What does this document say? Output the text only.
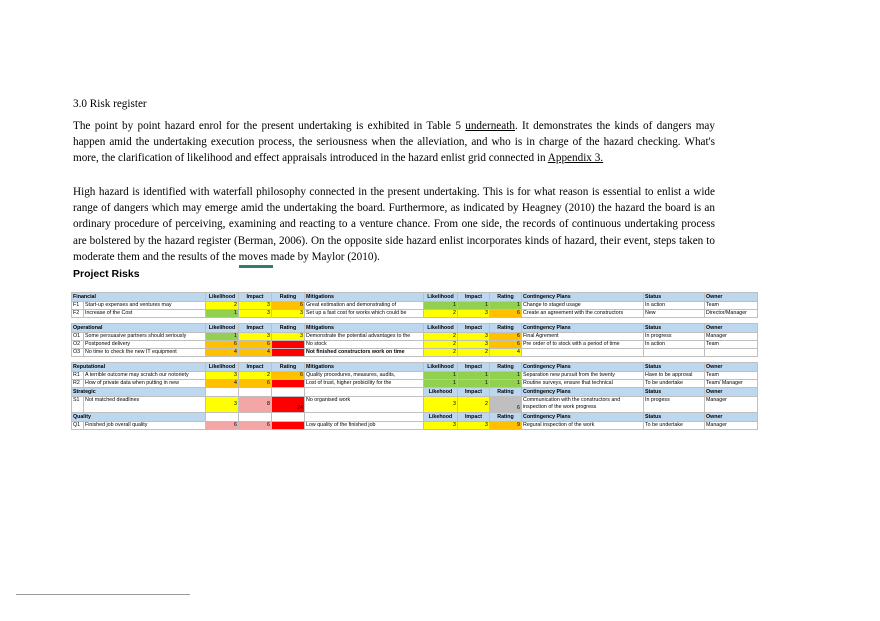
3.0 Risk register
The point by point hazard enrol for the present undertaking is exhibited in Table 5 underneath. It demonstrates the kinds of dangers may happen amid the undertaking execution process, the seriousness when the alleviation, and who is in charge of the hazard checking. What's more, the clarification of likelihood and effect appraisals introduced in the hazard enlist grid connected in Appendix 3.
High hazard is identified with waterfall philosophy connected in the present undertaking. This is for what reason is essential to enlist a wide range of dangers which may emerge amid the undertaking the board. Furthermore, as indicated by Heagney (2010) the hazard the board is an ordinary procedure of perceiving, examining and reacting to a venture chance. From one side, the records of continuous undertaking process are bolstered by the hazard register (Berman, 2006). On the opposite side hazard enlist incorporates kinds of hazard, their event, steps taken to moderate them and the results of the moves made by Maylor (2010).
Project Risks
Financial		Likelihood	Impact	Rating	Mitigations	Likelihood	Impact	Rating	Contingency Plans	Status	Owner
F1	Start-up expenses and ventures may	2	3	6	Great estimation and demonstrating of	1	1	1	Change to staged usage	In action	Team
F2	Increase of the Cost	1	3	3	Set up a fast cost for works which could be	2	3	6	Create an agreement with the constructors	New	Director/Manager

Operational		Likelihood	Impact	Rating	Mitigations	Likelihood	Impact	Rating	Contingency Plans	Status	Owner
O1	Some persuasive partners should seriously	1	3	3	Demonstrate the potential advantages to the	2	3	6	Final Agrement	In progress	Manager
O2	Postponed delivery	6	6		No stock	2	3	6	Pre order of to stock with a period of time	In action	Team
O3	No time to check the new IT equipment	4	4		Not finished constructors work on time	2	2	4			

Reputational		Likelihood	Impact	Rating	Mitigations	Likelihood	Impact	Rating	Contingency Plans	Status	Owner
R1	A terrible outcome may scratch our notoriety	3	2	6	Quality procedures, measures, audits,	1	1	1	Separation new pursuit from the twenty	Have to be approval	Team
R2	How of private data when putting in new	4	6		Lost of trust, higher probicility for the	1	1	1	Routine surveys, ensure that technical	To be undertake	Team/ Manager
Strategic						Likehood	Impact	Rating	Contingency Plans	Status	Owner
S1	Not matched deadlines	3	8	24	No organised work	3	2	6	Communication with the constructors and inspection of the work progress	In progess	Manager
Quality						Likehood	Impact	Rating	Contingency Plans	Status	Owner
Q1	Finished job overall quality	6	6		Low quality of the finished job	3	3	9	Regural inspection of the work	To be undertake	Manager
